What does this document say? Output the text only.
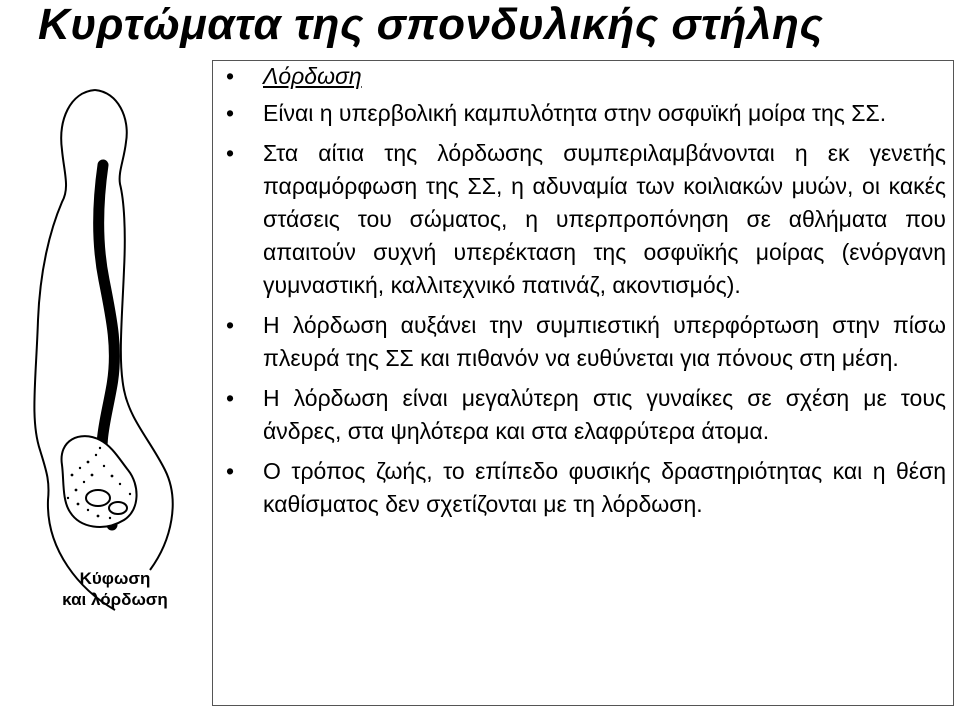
Κυρτώματα της σπονδυλικής στήλης
Κύφωση
και λόρδωση
• Λόρδωση
• Είναι η υπερβολική καμπυλότητα στην οσφυϊκή μοίρα της ΣΣ.
• Στα αίτια της λόρδωσης συμπεριλαμβάνονται η εκ γενετής παραμόρφωση της ΣΣ, η αδυναμία των κοιλιακών μυών, οι κακές στάσεις του σώματος, η υπερπροπόνηση σε αθλήματα που απαιτούν συχνή υπερέκταση της οσφυϊκής μοίρας (ενόργανη γυμναστική, καλλιτεχνικό πατινάζ, ακοντισμός).
• Η λόρδωση αυξάνει την συμπιεστική υπερφόρτωση στην πίσω πλευρά της ΣΣ και πιθανόν να ευθύνεται για πόνους στη μέση.
• Η λόρδωση είναι μεγαλύτερη στις γυναίκες σε σχέση με τους άνδρες, στα ψηλότερα και στα ελαφρύτερα άτομα.
• Ο τρόπος ζωής, το επίπεδο φυσικής δραστηριότητας και η θέση καθίσματος δεν σχετίζονται με τη λόρδωση.
